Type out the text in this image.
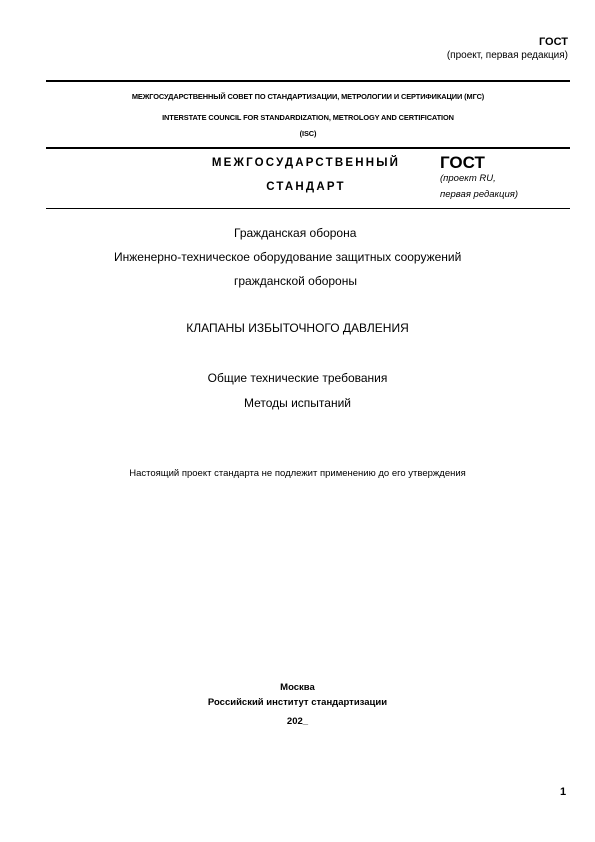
ГОСТ
(проект, первая редакция)
МЕЖГОСУДАРСТВЕННЫЙ СОВЕТ ПО СТАНДАРТИЗАЦИИ, МЕТРОЛОГИИ И СЕРТИФИКАЦИИ (МГС)
INTERSTATE COUNCIL FOR STANDARDIZATION, METROLOGY AND CERTIFICATION
(ISC)
МЕЖГОСУДАРСТВЕННЫЙ
СТАНДАРТ
ГОСТ
(проект RU,
первая редакция)
Гражданская оборона
Инженерно-техническое оборудование защитных сооружений
гражданской обороны
КЛАПАНЫ ИЗБЫТОЧНОГО ДАВЛЕНИЯ
Общие технические требования
Методы испытаний
Настоящий проект стандарта не подлежит применению до его утверждения
Москва
Российский институт стандартизации
202_
1
